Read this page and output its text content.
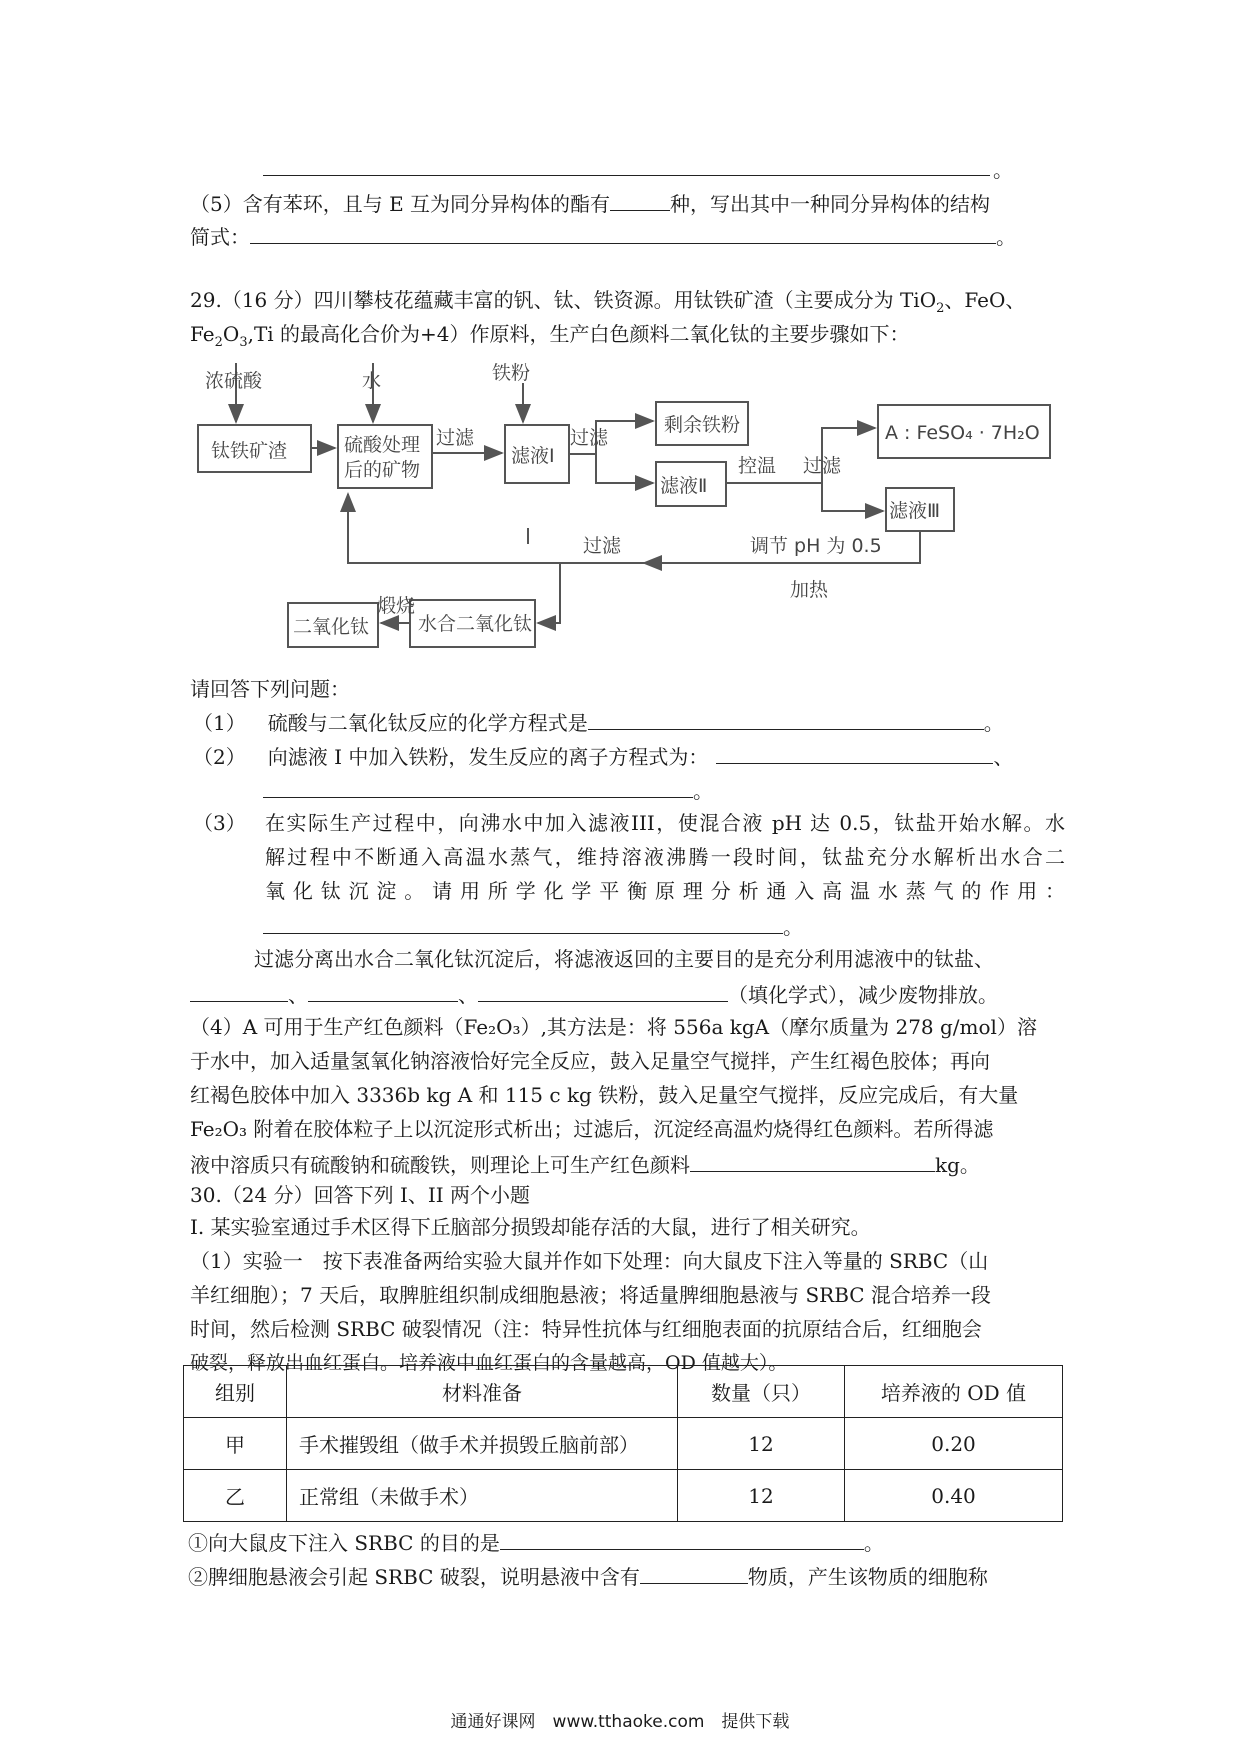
。
（5）含有苯环，且与 E 互为同分异构体的酯有	种，写出其中一种同分异构体的结构
简式：	。
29.（16 分）四川攀枝花蕴藏丰富的钒、钛、铁资源。用钛铁矿渣（主要成分为 TiO$_2$、FeO、
$Fe_2O_3,Ti$ 的最高化合价为+4）作原料，生产白色颜料二氧化钛的主要步骤如下：
浓硫酸	水	铁粉
钛铁矿渣	硫酸处理
后的矿物
过滤
滤液Ⅰ
过滤
剩余铁粉
滤液Ⅱ
控温 过滤
A : FeSO₄ · 7H₂O
滤液Ⅲ
调节 pH 为 0.5
加热
过滤
水合二氧化钛
煅烧
二氧化钛
请回答下列问题：
（1） 硫酸与二氧化钛反应的化学方程式是	。
（2） 向滤液 I 中加入铁粉，发生反应的离子方程式为：	、
。
（3） 在实际生产过程中，向沸水中加入滤液III，使混合液 pH 达 0.5，钛盐开始水解。水
解过程中不断通入高温水蒸气，维持溶液沸腾一段时间，钛盐充分水解析出水合二
氧化钛沉淀。请用所学化学平衡原理分析通入高温水蒸气的作用：
。
过滤分离出水合二氧化钛沉淀后，将滤液返回的主要目的是充分利用滤液中的钛盐、
、	、	（填化学式），减少废物排放。
（4）A 可用于生产红色颜料（Fe₂O₃）,其方法是：将 556a kgA（摩尔质量为 278 g/mol）溶
于水中，加入适量氢氧化钠溶液恰好完全反应，鼓入足量空气搅拌，产生红褐色胶体；再向
红褐色胶体中加入 3336b kg A 和 115 c kg 铁粉，鼓入足量空气搅拌，反应完成后，有大量
Fe₂O₃ 附着在胶体粒子上以沉淀形式析出；过滤后，沉淀经高温灼烧得红色颜料。若所得滤
液中溶质只有硫酸钠和硫酸铁，则理论上可生产红色颜料	kg。
30.（24 分）回答下列 I、II 两个小题
I. 某实验室通过手术区得下丘脑部分损毁却能存活的大鼠，进行了相关研究。
（1）实验一　按下表准备两给实验大鼠并作如下处理：向大鼠皮下注入等量的 SRBC（山
羊红细胞）；7 天后，取脾脏组织制成细胞悬液；将适量脾细胞悬液与 SRBC 混合培养一段
时间，然后检测 SRBC 破裂情况（注：特异性抗体与红细胞表面的抗原结合后，红细胞会
破裂，释放出血红蛋白。培养液中血红蛋白的含量越高，OD 值越大）。
组别	材料准备	数量（只）	培养液的 OD 值
甲	手术摧毁组（做手术并损毁丘脑前部）	12	0.20
乙	正常组（未做手术）	12	0.40
①向大鼠皮下注入 SRBC 的目的是	。
②脾细胞悬液会引起 SRBC 破裂，说明悬液中含有	物质，产生该物质的细胞称
通通好课网　www.tthaoke.com　提供下载
